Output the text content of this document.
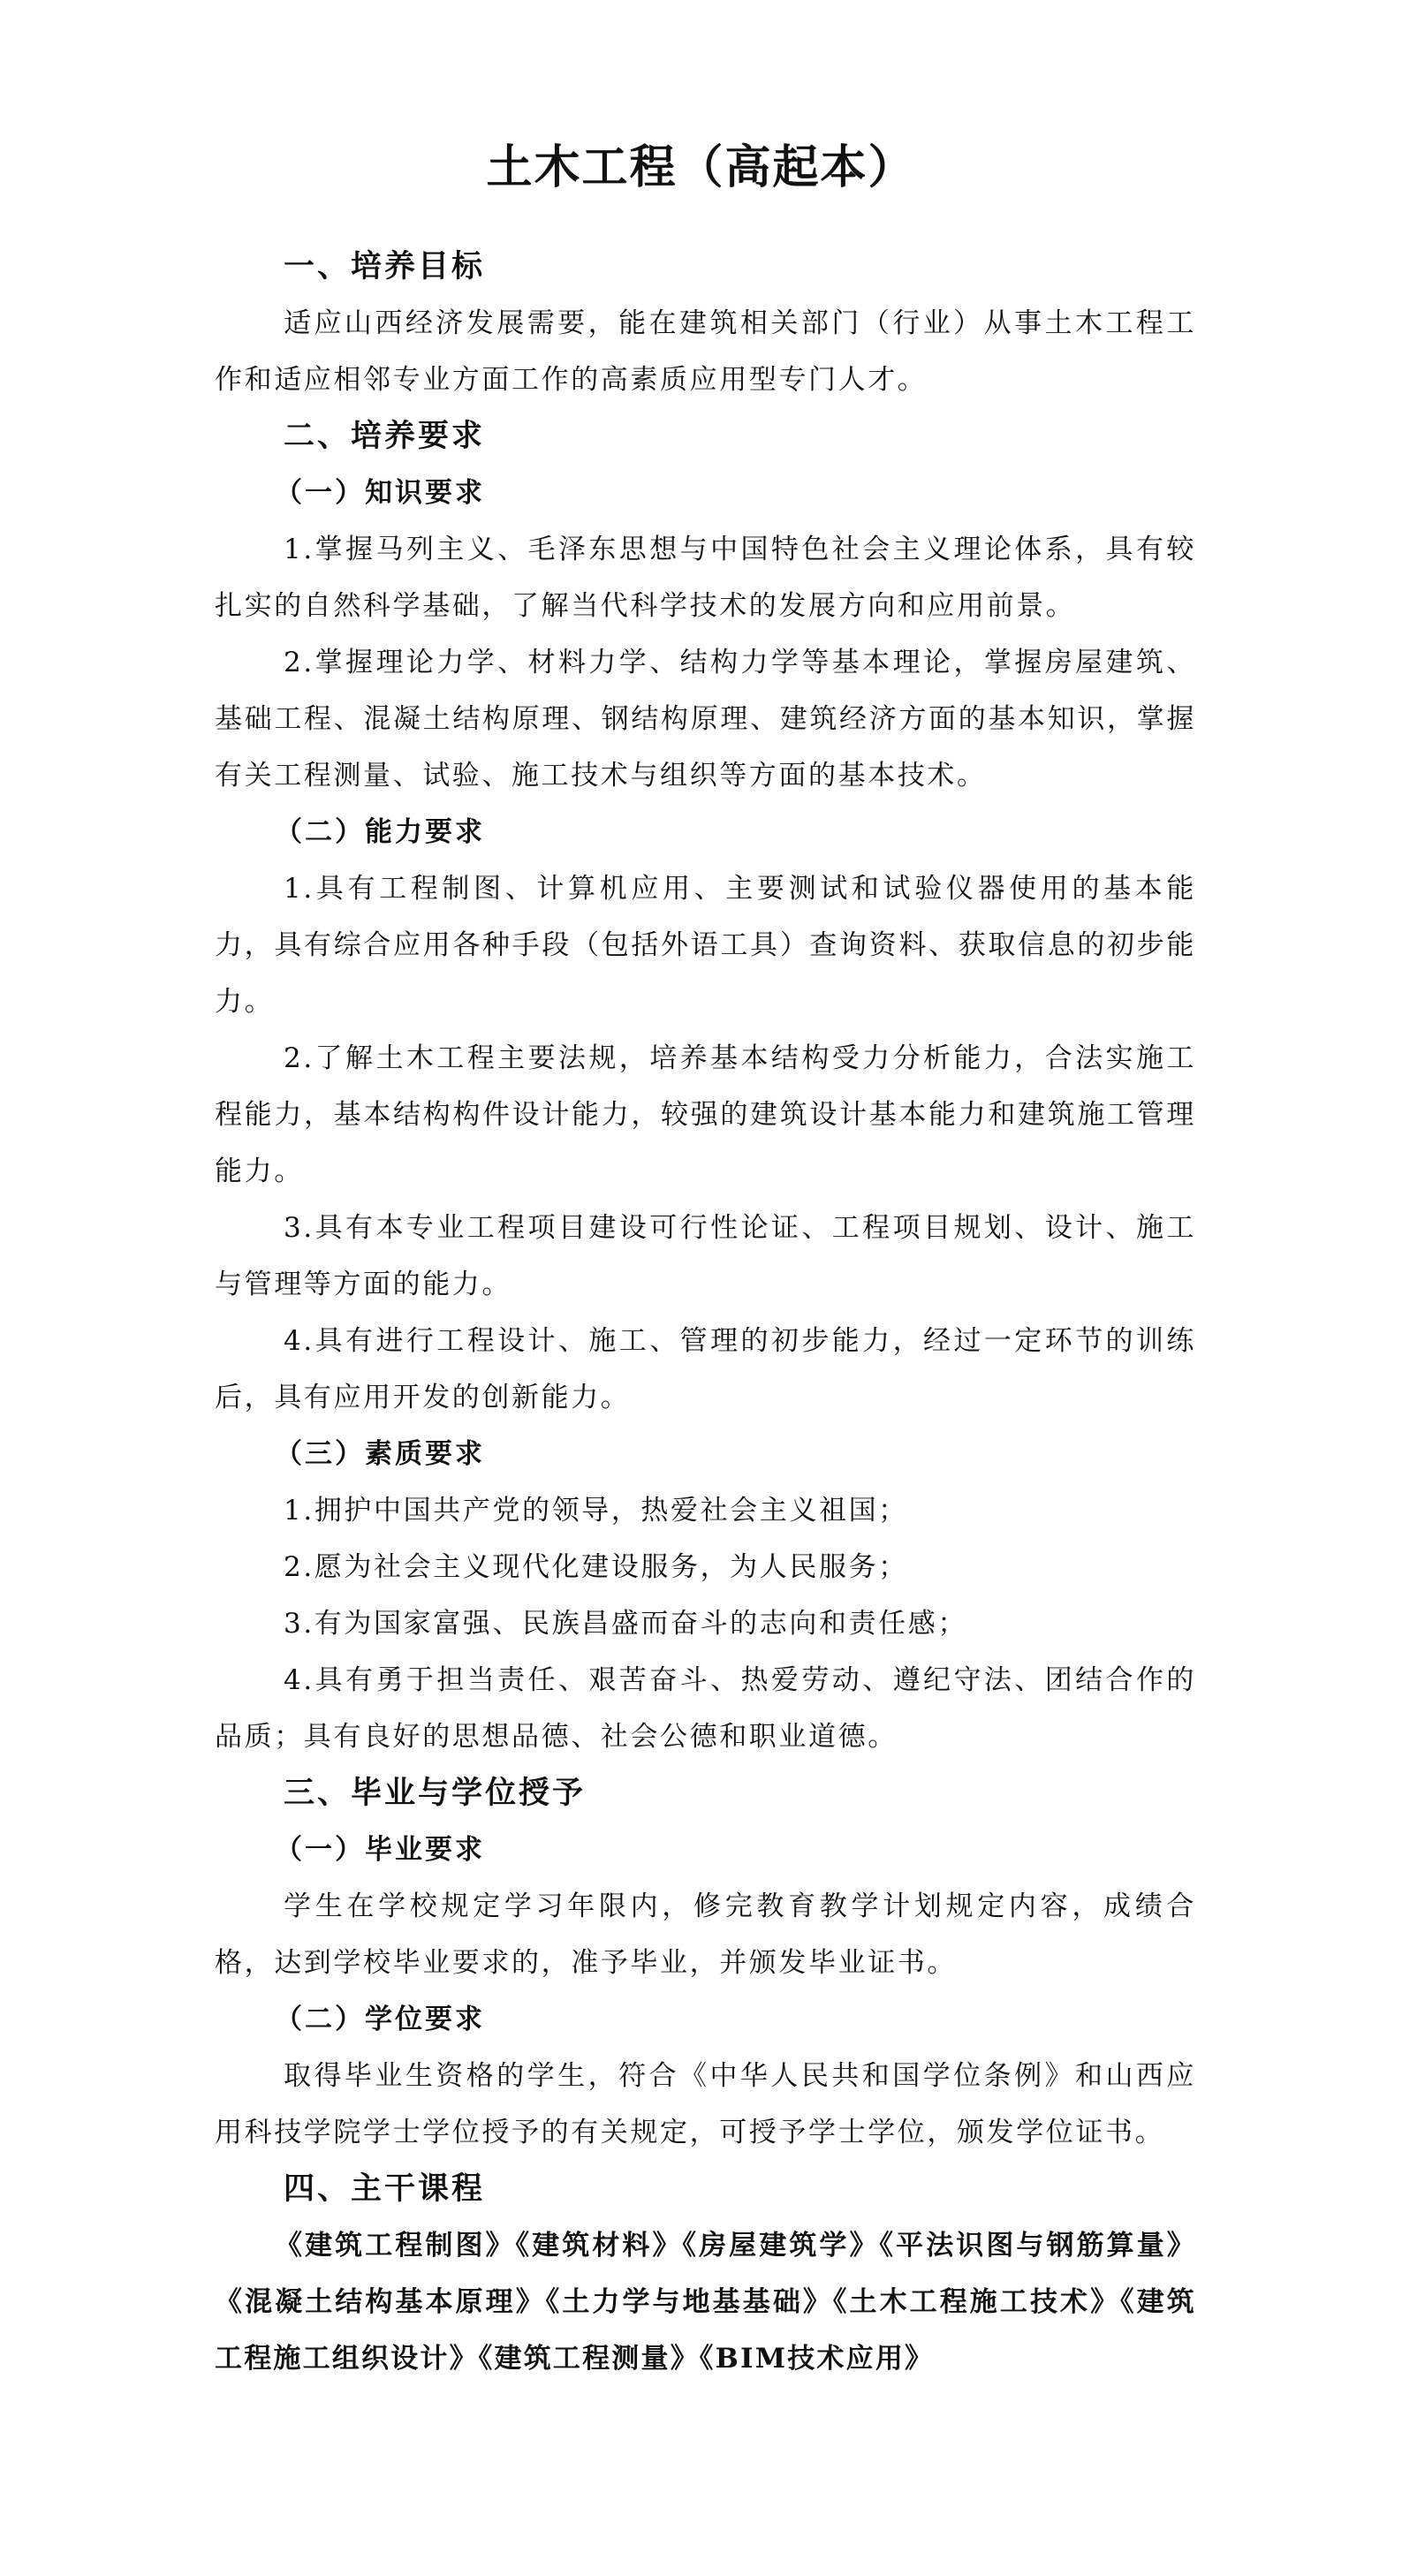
土木工程（高起本）
一、培养目标

适应山西经济发展需要，能在建筑相关部门（行业）从事土木工程工作和适应相邻专业方面工作的高素质应用型专门人才。

二、培养要求
（一）知识要求

1.掌握马列主义、毛泽东思想与中国特色社会主义理论体系，具有较扎实的自然科学基础，了解当代科学技术的发展方向和应用前景。

2.掌握理论力学、材料力学、结构力学等基本理论，掌握房屋建筑、基础工程、混凝土结构原理、钢结构原理、建筑经济方面的基本知识，掌握有关工程测量、试验、施工技术与组织等方面的基本技术。

（二）能力要求

1.具有工程制图、计算机应用、主要测试和试验仪器使用的基本能力，具有综合应用各种手段（包括外语工具）查询资料、获取信息的初步能力。

2.了解土木工程主要法规，培养基本结构受力分析能力，合法实施工程能力，基本结构构件设计能力，较强的建筑设计基本能力和建筑施工管理能力。

3.具有本专业工程项目建设可行性论证、工程项目规划、设计、施工与管理等方面的能力。

4.具有进行工程设计、施工、管理的初步能力，经过一定环节的训练后，具有应用开发的创新能力。

（三）素质要求

1.拥护中国共产党的领导，热爱社会主义祖国；

2.愿为社会主义现代化建设服务，为人民服务；

3.有为国家富强、民族昌盛而奋斗的志向和责任感；

4.具有勇于担当责任、艰苦奋斗、热爱劳动、遵纪守法、团结合作的品质；具有良好的思想品德、社会公德和职业道德。

三、毕业与学位授予
（一）毕业要求

学生在学校规定学习年限内，修完教育教学计划规定内容，成绩合格，达到学校毕业要求的，准予毕业，并颁发毕业证书。

（二）学位要求

取得毕业生资格的学生，符合《中华人民共和国学位条例》和山西应用科技学院学士学位授予的有关规定，可授予学士学位，颁发学位证书。

四、主干课程

《建筑工程制图》《建筑材料》《房屋建筑学》《平法识图与钢筋算量》《混凝土结构基本原理》《土力学与地基基础》《土木工程施工技术》《建筑工程施工组织设计》《建筑工程测量》《BIM技术应用》
